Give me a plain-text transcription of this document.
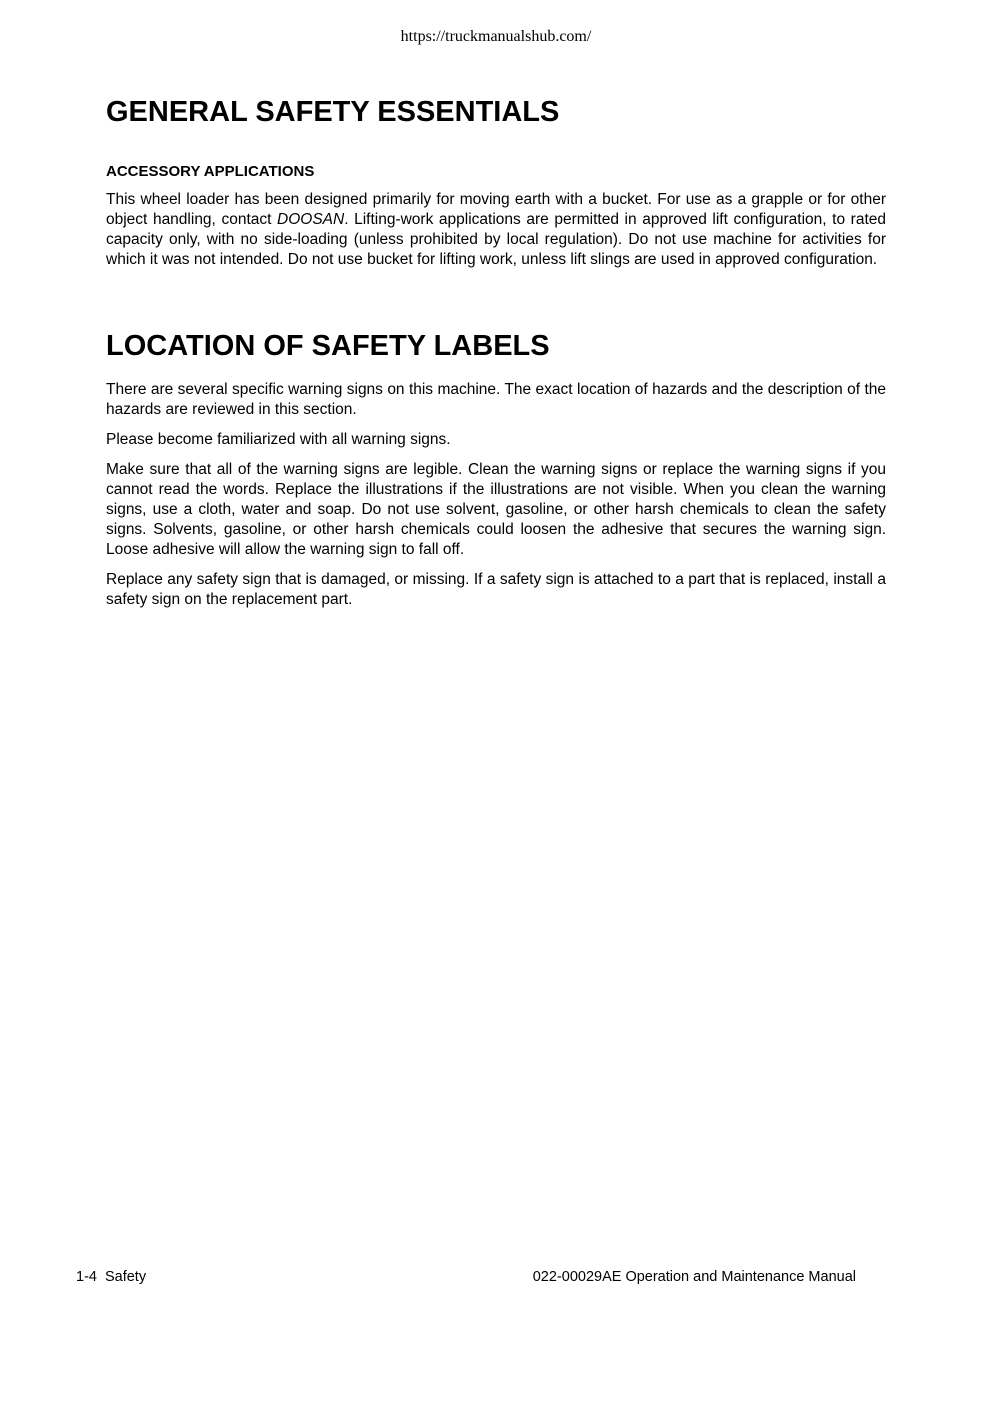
https://truckmanualshub.com/
GENERAL SAFETY ESSENTIALS
ACCESSORY APPLICATIONS

This wheel loader has been designed primarily for moving earth with a bucket. For use as a grapple or for other object handling, contact DOOSAN. Lifting-work applications are permitted in approved lift configuration, to rated capacity only, with no side-loading (unless prohibited by local regulation). Do not use machine for activities for which it was not intended. Do not use bucket for lifting work, unless lift slings are used in approved configuration.

LOCATION OF SAFETY LABELS

There are several specific warning signs on this machine. The exact location of hazards and the description of the hazards are reviewed in this section.

Please become familiarized with all warning signs.

Make sure that all of the warning signs are legible. Clean the warning signs or replace the warning signs if you cannot read the words. Replace the illustrations if the illustrations are not visible. When you clean the warning signs, use a cloth, water and soap. Do not use solvent, gasoline, or other harsh chemicals to clean the safety signs. Solvents, gasoline, or other harsh chemicals could loosen the adhesive that secures the warning sign. Loose adhesive will allow the warning sign to fall off.

Replace any safety sign that is damaged, or missing. If a safety sign is attached to a part that is replaced, install a safety sign on the replacement part.

1-4 Safety	022-00029AE Operation and Maintenance Manual
